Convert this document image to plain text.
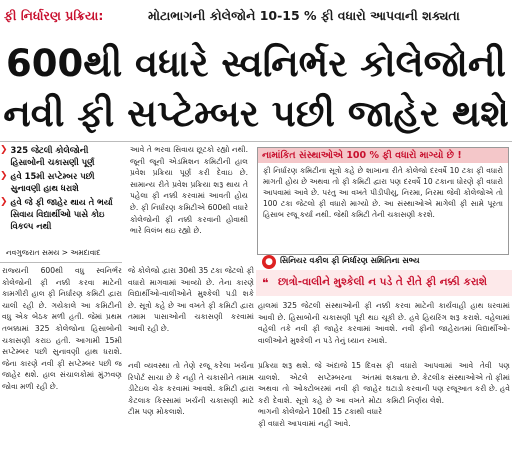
ફી નિર્ધારણ પ્રક્રિયા:	મોટાભાગની કોલેજોને 10-15 % ફી વધારો આપવાની શક્યતા
600થી વધારે સ્વનિર્ભર કોલેજોની
નવી ફી સપ્ટેમ્બર પછી જાહેર થશે
❯ 325 જેટલી કોલેજોની હિસાબોની ચકાસણી પૂર્ણ
❯ હવે 15મી સપ્ટેમ્બર પછી સુનાવણી હાથ ધરાશે
❯ હવે જે ફી જાહેર થાય તે ભર્યા સિવાય વિદ્યાર્થીઓ પાસે કોઇ વિકલ્પ નથી
નવગુજરાત સમય > અમદાવાદ
આવે તે ભરવા સિવાય છૂટકો રહ્યો નથી. જૂની જૂની એડમિશન કમિટીની હાલ પ્રવેશ પ્રક્રિયા પૂર્ણ કરી દેવાઇ છે. સામાન્ય રીતે પ્રવેશ પ્રક્રિયા શરૂ થાય તે પહેલા ફી નક્કી કરવામાં આવતી હોય છે. ફી નિર્ધારણ કમિટીએ 600થી વધારે કોલેજોની ફી નક્કી કરવાની હોવાથી ભારે વિલંબ થઇ રહ્યો છે.
નામાંકિત સંસ્થાઓએ 100 % ફી વધારો માગ્યો છે !
ફી નિર્ધારણ કમિટીના સૂત્રો કહે છે શાખાના રીતે કોલેજો દરવર્ષે 10 ટકા ફી વધારો માગતી હોય છે અથવા તો ફી કમિટી દ્વારા પણ દરવર્ષે 10 ટકાના ધોરણે ફી વધારો આપવામાં આવે છે. પરંતુ આ વખતે પીડીપીયુ, નિરમા, નિરમા જેવી કોલેજોએ તો 100 ટકા જેટલો ફી વધારો માગ્યો છે. આ સંસ્થાઓએ માગેલી ફી સામે પૂરતા હિસાબ રજૂ કર્યા નથી. જેથી કમિટી તેની ચકાસણી કરશે.
● સિનિયર વકીલ ફી નિર્ધારણ સમિતિના સભ્ય
❝ છાત્રો-વાલીને મુશ્કેલી ન પડે તે રીતે ફી નક્કી કરાશે
હાલમાં 325 જેટલી સંસ્થાઓની ફી નક્કી કરવા માટેની કાર્યવાહી હાથ ધરવામાં આવી છે. હિસાબોની ચકાસણી પૂરી થઇ ચૂકી છે. હવે હિયરિંગ શરૂ કરાશે. વહેલામાં વહેલી તકે નવી ફી જાહેર કરવામાં આવશે. નવી ફીની જાહેરાતમાં વિદ્યાર્થીઓ-વાલીઓને મુશ્કેલી ન પડે તેનું ધ્યાન રખાશે.
રાજ્યની 600થી વધુ સ્વનિર્ભર કોલેજોની ફી નક્કી કરવા માટેની કામગીરી હાલ ફી નિર્ધારણ કમિટી દ્વારા ચાલી રહી છે. ગયેકાલે આ કમિટીની વધુ એક બેઠક મળી હતી. જેમાં પ્રથમ તબક્કામાં 325 કોલેજોના હિસાબોની ચકાસણી કરાઇ હતી. આગામી 15મી સપ્ટેમ્બર પછી સુનાવણી હાથ ધરાશે. જેના કારણે નવી ફી સપ્ટેમ્બર પછી જ જાહેર થશે. હાલ સંચાલકોમાં મુંઝવણ જોવા મળી રહી છે.
જે કોલેજો દ્વારા 30થી 35 ટકા જેટલો ફી વધારો માગવામાં આવ્યો છે. તેના કારણે વિદ્યાર્થીઓ-વાલીઓને મુશ્કેલી પડી શકે છે. સૂત્રો કહે છે આ વખતે ફી કમિટી દ્વારા તમામ પાસાઓની ચકાસણી કરવામાં આવી રહી છે.
નવી વ્યવસ્થા તો તેણે રજૂ કરેલા ખર્ચના રિપોર્ટ સાચા છે કે નહી તે ચકાસીને તમામ ડીટેઇલ ચેક કરવામાં આવશે. કમિટી દ્વારા કેટલાક કિસ્સામાં ખર્ચની ચકાસણી માટે ટીમ પણ મોકલાશે.
પ્રક્રિયા શરૂ થશે. જે અંદાજે 15 દિવસ ચાલશે. એટલે સપ્ટેમ્બરના અંતમાં અથવા તો ઓક્ટોબરમાં નવી ફી જાહેર કરી દેવાશે. સૂત્રો કહે છે આ વખતે મોટા ભાગની કોલેજોને 10થી 15 ટકાથી વધારે ફી વધારો આપવામાં નહીં આવે.
ફી વધારો આપવામાં આવે તેવી પણ શક્યતા છે. કેટલીક સંસ્થાઓએ તો ફીમાં ઘટાડો કરવાની પણ રજૂઆત કરી છે. હવે કમિટી નિર્ણય લેશે.
